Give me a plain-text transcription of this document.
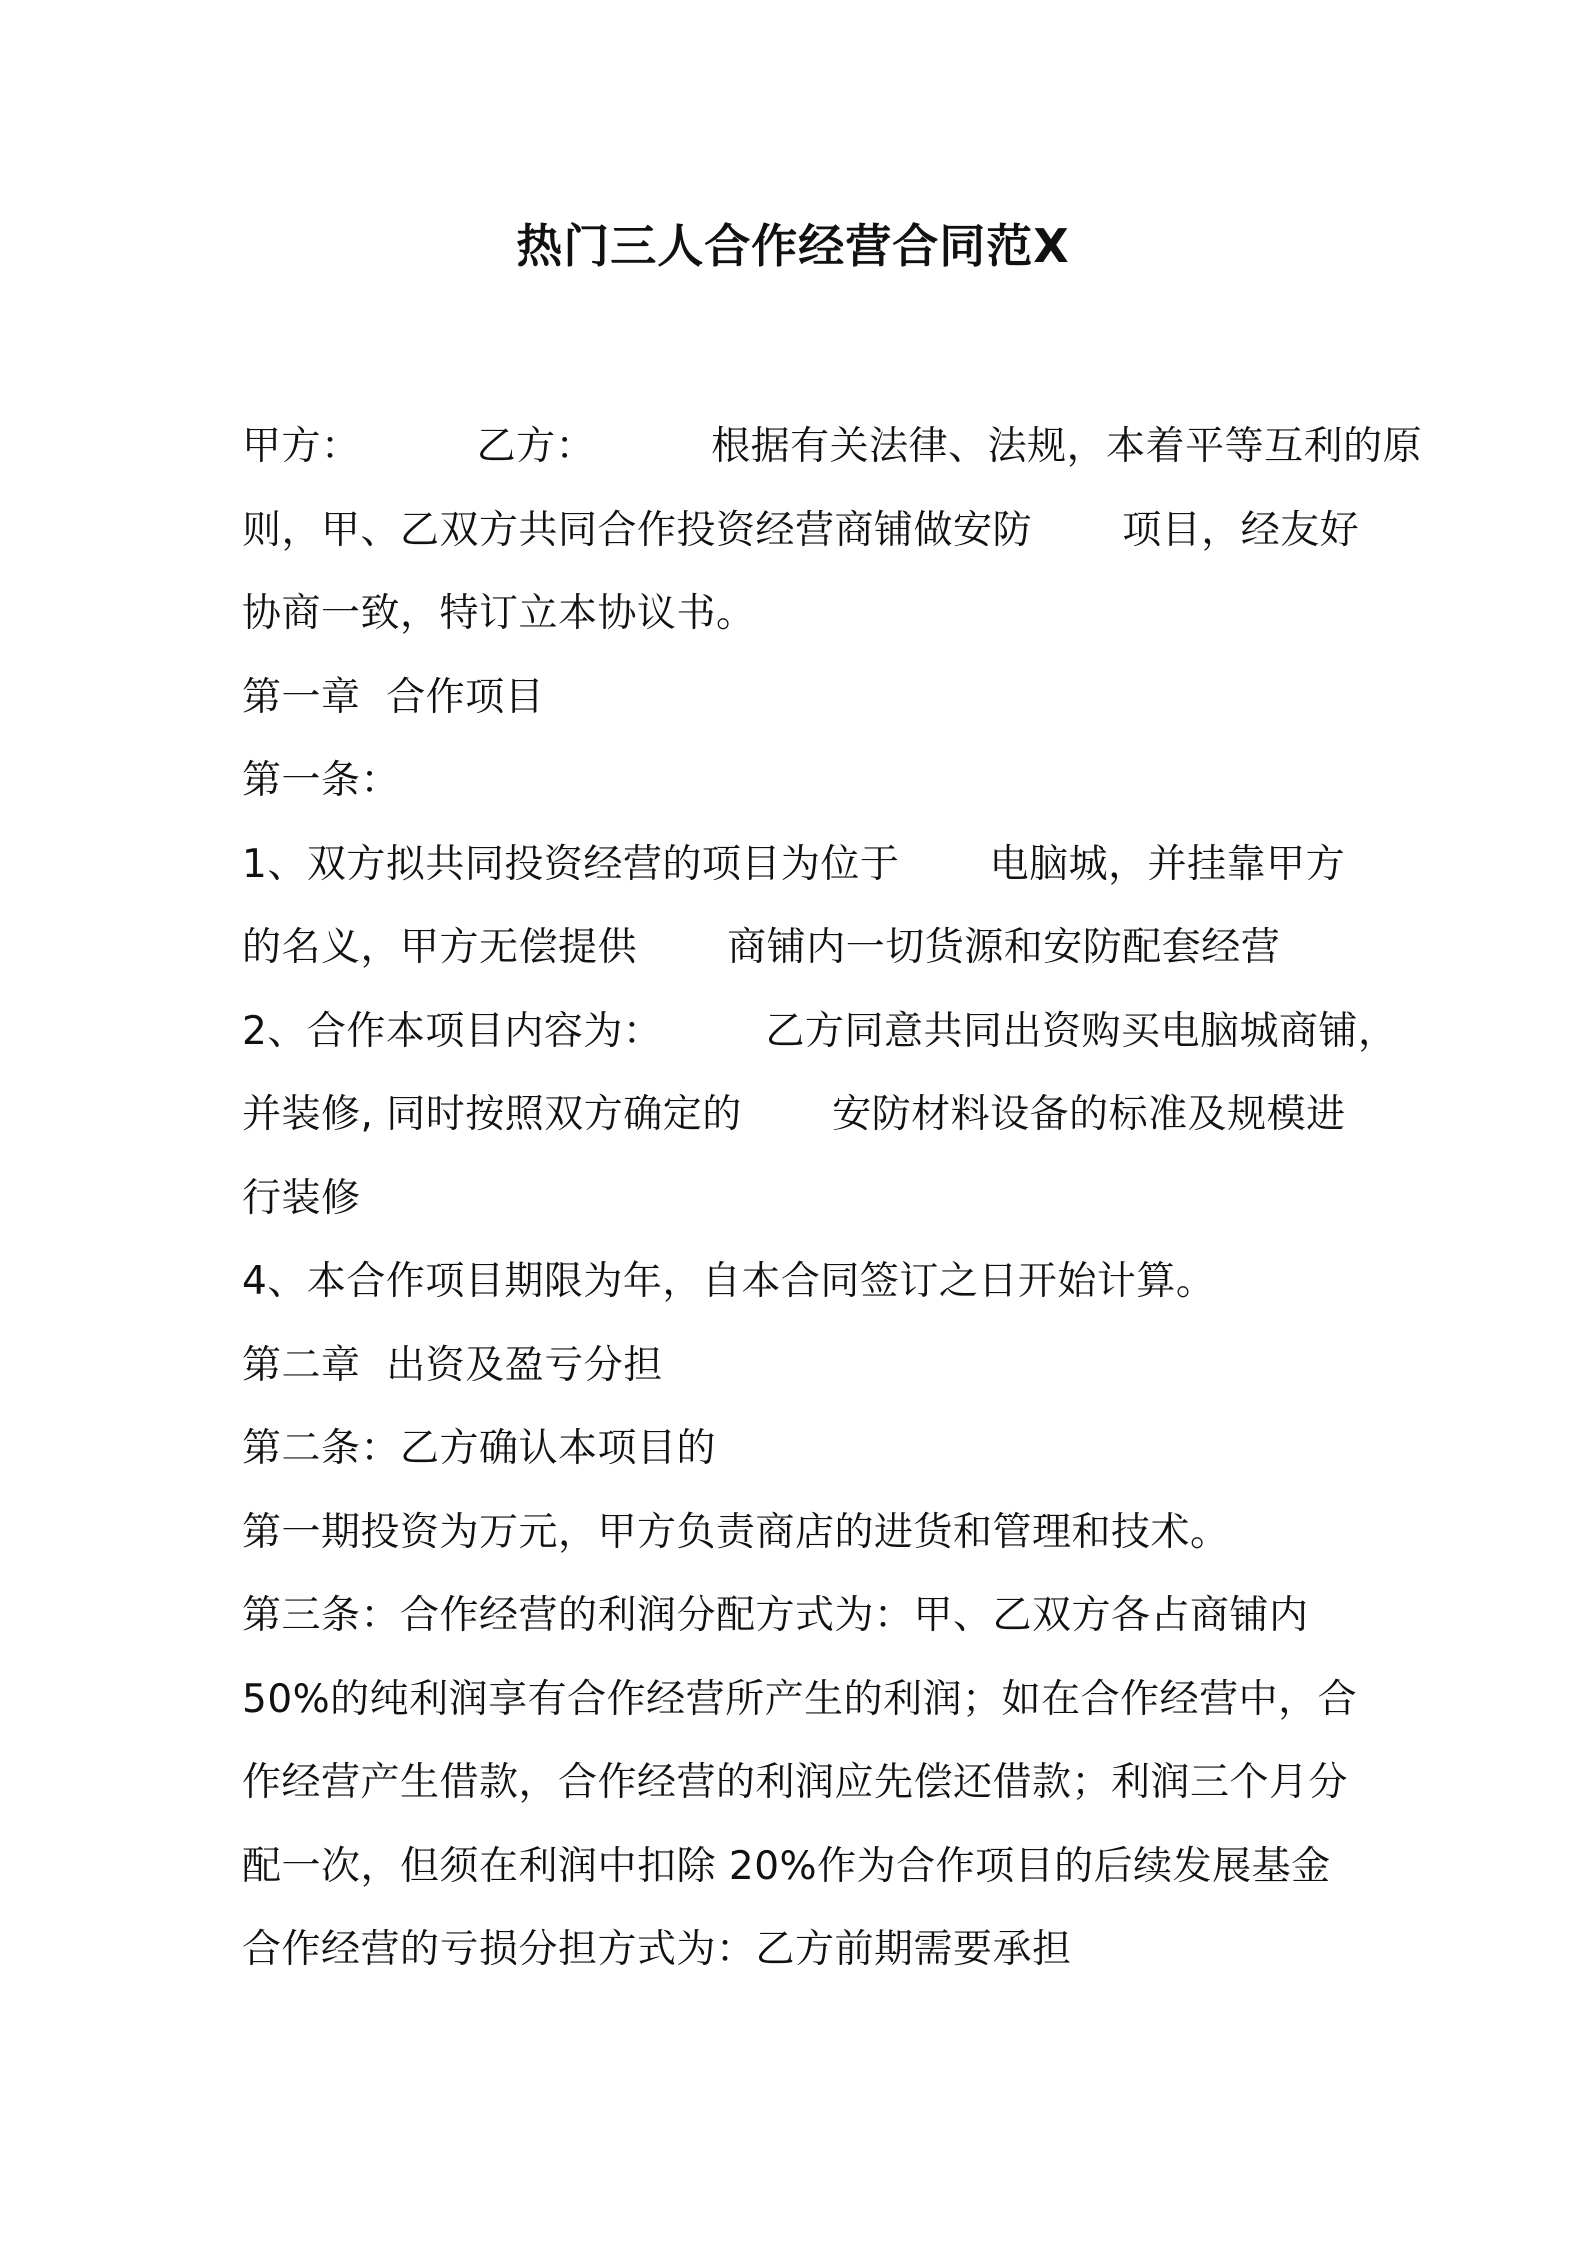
热门三人合作经营合同范X
甲方：         乙方：         根据有关法律、法规，本着平等互利的原
则，甲、乙双方共同合作投资经营商铺做安防       项目，经友好
协商一致，特订立本协议书。
第一章  合作项目
第一条：
1、双方拟共同投资经营的项目为位于       电脑城，并挂靠甲方
的名义，甲方无偿提供       商铺内一切货源和安防配套经营
2、合作本项目内容为：        乙方同意共同出资购买电脑城商铺，
并装修, 同时按照双方确定的       安防材料设备的标准及规模进
行装修
4、本合作项目期限为年，自本合同签订之日开始计算。
第二章  出资及盈亏分担
第二条：乙方确认本项目的
第一期投资为万元，甲方负责商店的进货和管理和技术。
第三条：合作经营的利润分配方式为：甲、乙双方各占商铺内
50%的纯利润享有合作经营所产生的利润；如在合作经营中，合
作经营产生借款，合作经营的利润应先偿还借款；利润三个月分
配一次，但须在利润中扣除 20%作为合作项目的后续发展基金
合作经营的亏损分担方式为：乙方前期需要承担
